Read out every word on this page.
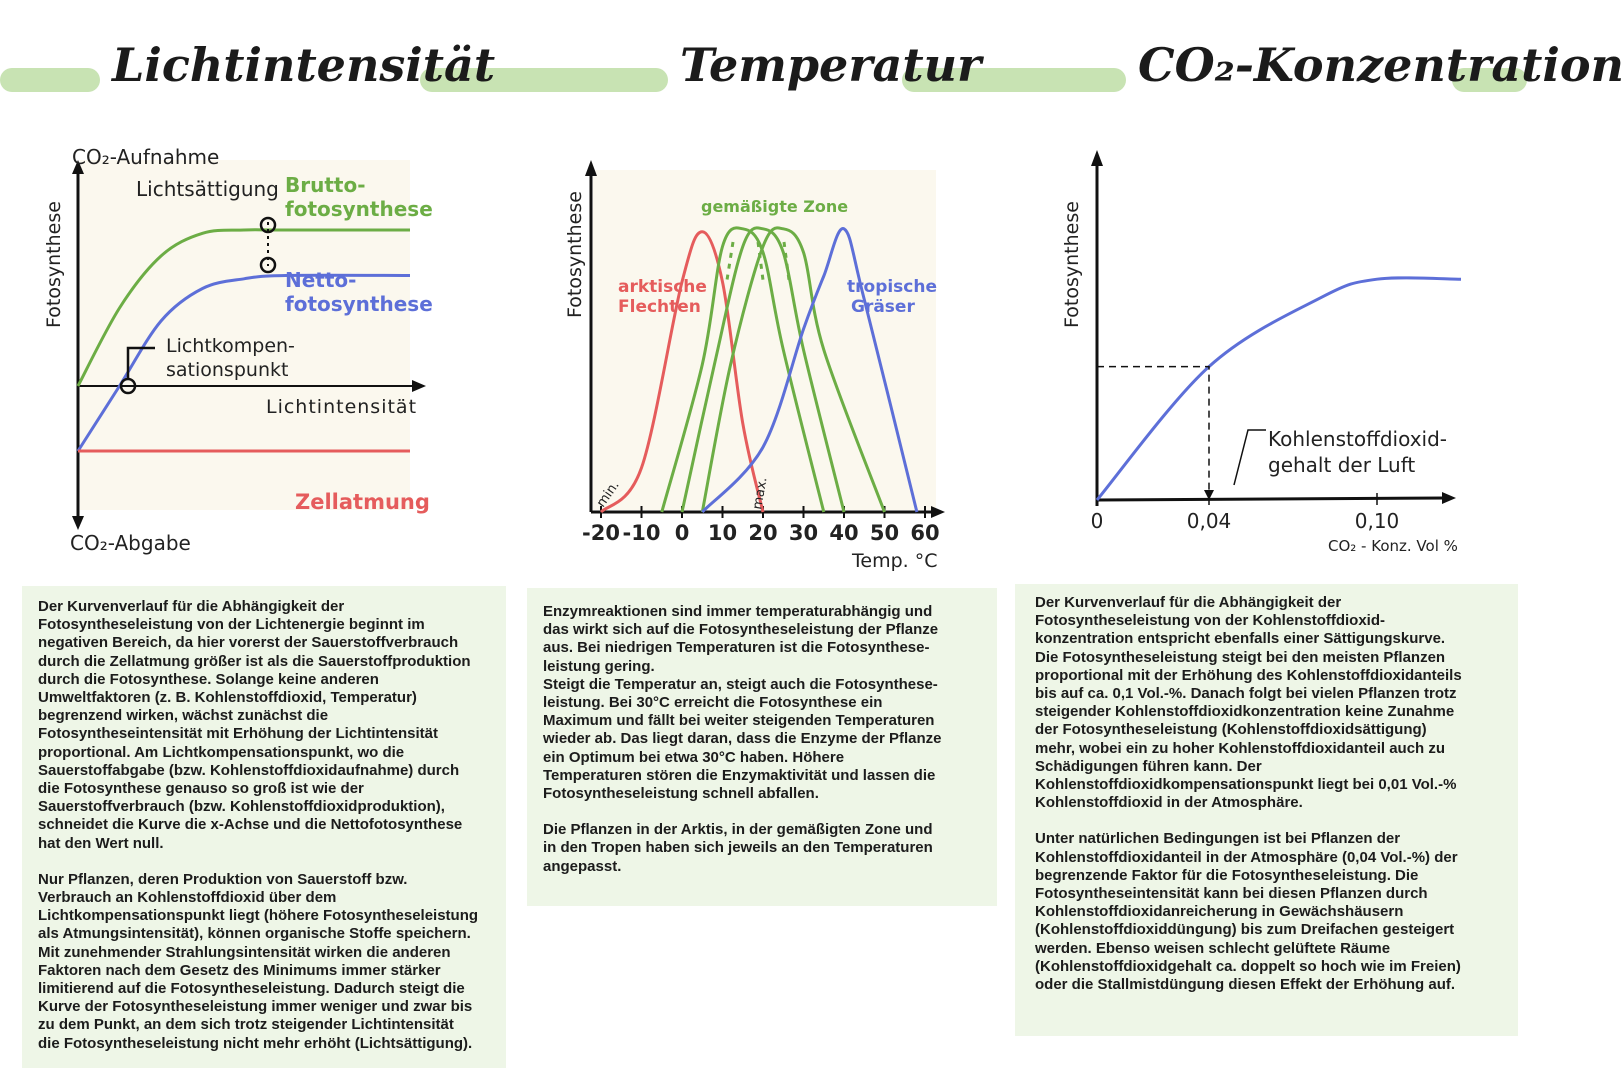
Lichtintensität	Temperatur	CO₂-Konzentration
CO₂-Aufnahme
CO₂-Abgabe
Fotosynthese
Lichtintensität
Lichtsättigung Brutto- fotosynthese
Netto- fotosynthese
Zellatmung
Lichtkompen- sationspunkt
-20 -10 0 10 20 30 40 50 60
Fotosynthese
Temp. °C
gemäßigte Zone
min.	max.
arktische Flechten
tropische Gräser
0	0,04	0,10
Fotosynthese
CO₂ - Konz. Vol %
Kohlenstoffdioxid- gehalt der Luft

Der Kurvenverlauf für die Abhängigkeit der
Fotosyntheseleistung von der Lichtenergie beginnt im
negativen Bereich, da hier vorerst der Sauerstoffverbrauch
durch die Zellatmung größer ist als die Sauerstoffproduktion
durch die Fotosynthese. Solange keine anderen
Umweltfaktoren (z. B. Kohlenstoffdioxid, Temperatur)
begrenzend wirken, wächst zunächst die
Fotosyntheseintensität mit Erhöhung der Lichtintensität
proportional. Am Lichtkompensationspunkt, wo die
Sauerstoffabgabe (bzw. Kohlenstoffdioxidaufnahme) durch
die Fotosynthese genauso so groß ist wie der
Sauerstoffverbrauch (bzw. Kohlenstoffdioxidproduktion),
schneidet die Kurve die x-Achse und die Nettofotosynthese
hat den Wert null.

Nur Pflanzen, deren Produktion von Sauerstoff bzw.
Verbrauch an Kohlenstoffdioxid über dem
Lichtkompensationspunkt liegt (höhere Fotosyntheseleistung
als Atmungsintensität), können organische Stoffe speichern.
Mit zunehmender Strahlungsintensität wirken die anderen
Faktoren nach dem Gesetz des Minimums immer stärker
limitierend auf die Fotosyntheseleistung. Dadurch steigt die
Kurve der Fotosyntheseleistung immer weniger und zwar bis
zu dem Punkt, an dem sich trotz steigender Lichtintensität
die Fotosyntheseleistung nicht mehr erhöht (Lichtsättigung).

Enzymreaktionen sind immer temperaturabhängig und
das wirkt sich auf die Fotosyntheseleistung der Pflanze
aus. Bei niedrigen Temperaturen ist die Fotosynthese-
leistung gering.
Steigt die Temperatur an, steigt auch die Fotosynthese-
leistung. Bei 30°C erreicht die Fotosynthese ein
Maximum und fällt bei weiter steigenden Temperaturen
wieder ab. Das liegt daran, dass die Enzyme der Pflanze
ein Optimum bei etwa 30°C haben. Höhere
Temperaturen stören die Enzymaktivität und lassen die
Fotosyntheseleistung schnell abfallen.

Die Pflanzen in der Arktis, in der gemäßigten Zone und
in den Tropen haben sich jeweils an den Temperaturen
angepasst.

Der Kurvenverlauf für die Abhängigkeit der
Fotosyntheseleistung von der Kohlenstoffdioxid-
konzentration entspricht ebenfalls einer Sättigungskurve.
Die Fotosyntheseleistung steigt bei den meisten Pflanzen
proportional mit der Erhöhung des Kohlenstoffdioxidanteils
bis auf ca. 0,1 Vol.-%. Danach folgt bei vielen Pflanzen trotz
steigender Kohlenstoffdioxidkonzentration keine Zunahme
der Fotosyntheseleistung (Kohlenstoffdioxidsättigung)
mehr, wobei ein zu hoher Kohlenstoffdioxidanteil auch zu
Schädigungen führen kann. Der
Kohlenstoffdioxidkompensationspunkt liegt bei 0,01 Vol.-%
Kohlenstoffdioxid in der Atmosphäre.

Unter natürlichen Bedingungen ist bei Pflanzen der
Kohlenstoffdioxidanteil in der Atmosphäre (0,04 Vol.-%) der
begrenzende Faktor für die Fotosyntheseleistung. Die
Fotosyntheseintensität kann bei diesen Pflanzen durch
Kohlenstoffdioxidanreicherung in Gewächshäusern
(Kohlenstoffdioxiddüngung) bis zum Dreifachen gesteigert
werden. Ebenso weisen schlecht gelüftete Räume
(Kohlenstoffdioxidgehalt ca. doppelt so hoch wie im Freien)
oder die Stallmistdüngung diesen Effekt der Erhöhung auf.
